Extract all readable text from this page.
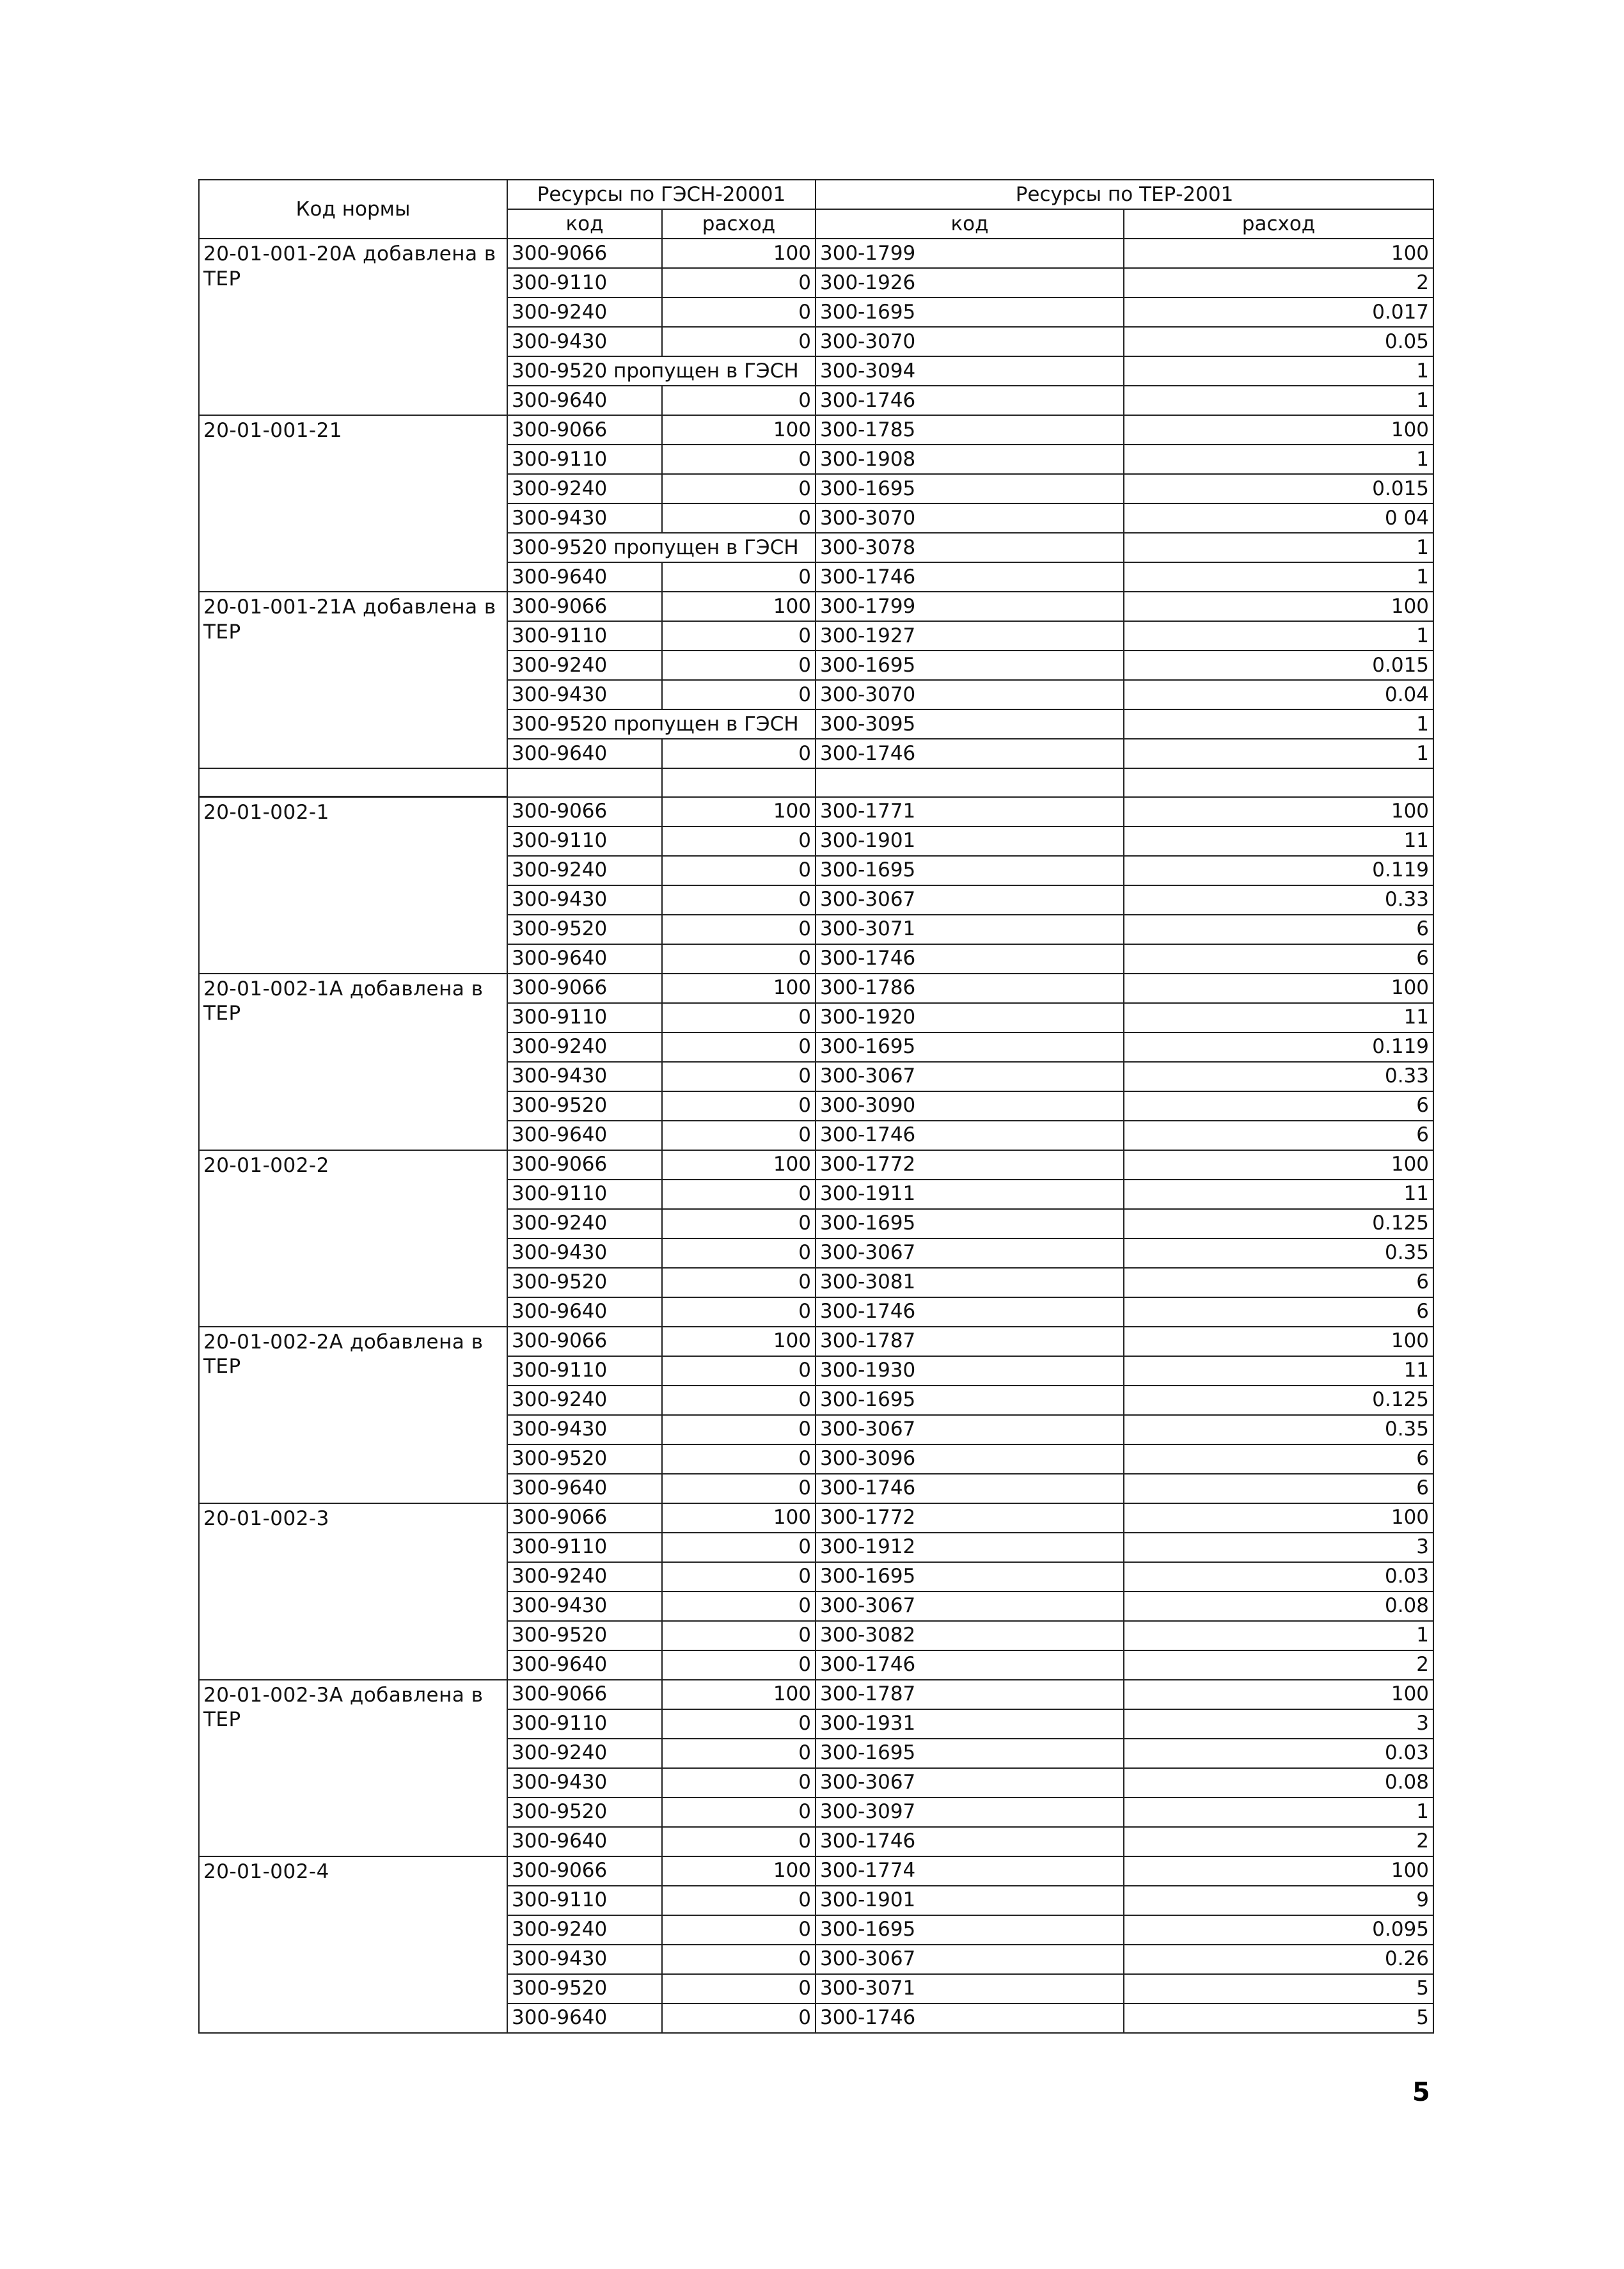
Код нормы	Ресурсы по ГЭСН-20001		Ресурсы по ТЕР-2001	
	код	расход	код	расход
20-01-001-20А добавлена в ТЕР	300-9066	100	300-1799	100
	300-9110	0	300-1926	2
	300-9240	0	300-1695	0.017
	300-9430	0	300-3070	0.05
	300-9520 пропущен в ГЭСН		300-3094	1
	300-9640	0	300-1746	1
20-01-001-21	300-9066	100	300-1785	100
	300-9110	0	300-1908	1
	300-9240	0	300-1695	0.015
	300-9430	0	300-3070	0 04
	300-9520 пропущен в ГЭСН		300-3078	1
	300-9640	0	300-1746	1
20-01-001-21А добавлена в ТЕР	300-9066	100	300-1799	100
	300-9110	0	300-1927	1
	300-9240	0	300-1695	0.015
	300-9430	0	300-3070	0.04
	300-9520 пропущен в ГЭСН		300-3095	1
	300-9640	0	300-1746	1

20-01-002-1	300-9066	100	300-1771	100
	300-9110	0	300-1901	11
	300-9240	0	300-1695	0.119
	300-9430	0	300-3067	0.33
	300-9520	0	300-3071	6
	300-9640	0	300-1746	6
20-01-002-1А добавлена в ТЕР	300-9066	100	300-1786	100
	300-9110	0	300-1920	11
	300-9240	0	300-1695	0.119
	300-9430	0	300-3067	0.33
	300-9520	0	300-3090	6
	300-9640	0	300-1746	6
20-01-002-2	300-9066	100	300-1772	100
	300-9110	0	300-1911	11
	300-9240	0	300-1695	0.125
	300-9430	0	300-3067	0.35
	300-9520	0	300-3081	6
	300-9640	0	300-1746	6
20-01-002-2А добавлена в ТЕР	300-9066	100	300-1787	100
	300-9110	0	300-1930	11
	300-9240	0	300-1695	0.125
	300-9430	0	300-3067	0.35
	300-9520	0	300-3096	6
	300-9640	0	300-1746	6
20-01-002-3	300-9066	100	300-1772	100
	300-9110	0	300-1912	3
	300-9240	0	300-1695	0.03
	300-9430	0	300-3067	0.08
	300-9520	0	300-3082	1
	300-9640	0	300-1746	2
20-01-002-3А добавлена в ТЕР	300-9066	100	300-1787	100
	300-9110	0	300-1931	3
	300-9240	0	300-1695	0.03
	300-9430	0	300-3067	0.08
	300-9520	0	300-3097	1
	300-9640	0	300-1746	2
20-01-002-4	300-9066	100	300-1774	100
	300-9110	0	300-1901	9
	300-9240	0	300-1695	0.095
	300-9430	0	300-3067	0.26
	300-9520	0	300-3071	5
	300-9640	0	300-1746	5
5
